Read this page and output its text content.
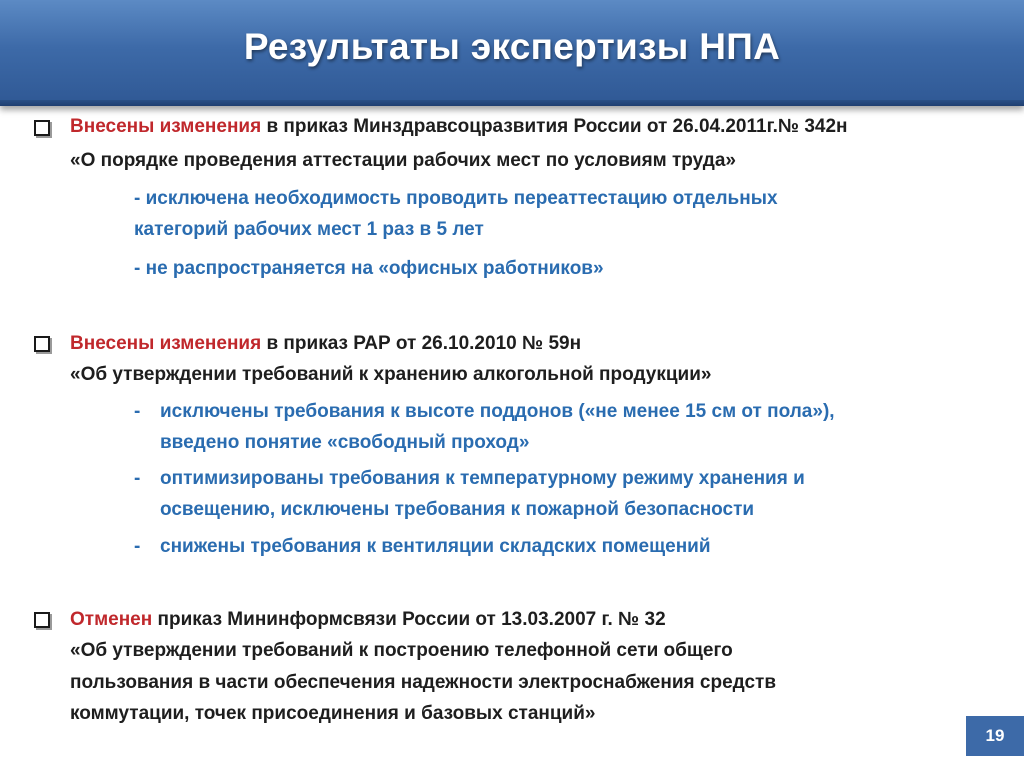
Результаты экспертизы НПА
Внесены изменения в приказ Минздравсоцразвития России от 26.04.2011г.№ 342н
«О порядке проведения аттестации рабочих мест по условиям труда»
- исключена необходимость проводить переаттестацию отдельных
категорий рабочих мест 1 раз в 5 лет
- не распространяется на «офисных работников»
Внесены изменения в приказ РАР от 26.10.2010 № 59н
«Об утверждении требований к хранению алкогольной продукции»
- исключены требования к высоте поддонов («не менее 15 см от пола»),
введено понятие «свободный проход»
- оптимизированы требования к температурному режиму хранения и
освещению, исключены требования к пожарной безопасности
- снижены требования к вентиляции складских помещений
Отменен приказ Мининформсвязи России от 13.03.2007 г. № 32
«Об утверждении требований к построению телефонной сети общего
пользования в части обеспечения надежности электроснабжения средств
коммутации, точек присоединения и базовых станций»
19
